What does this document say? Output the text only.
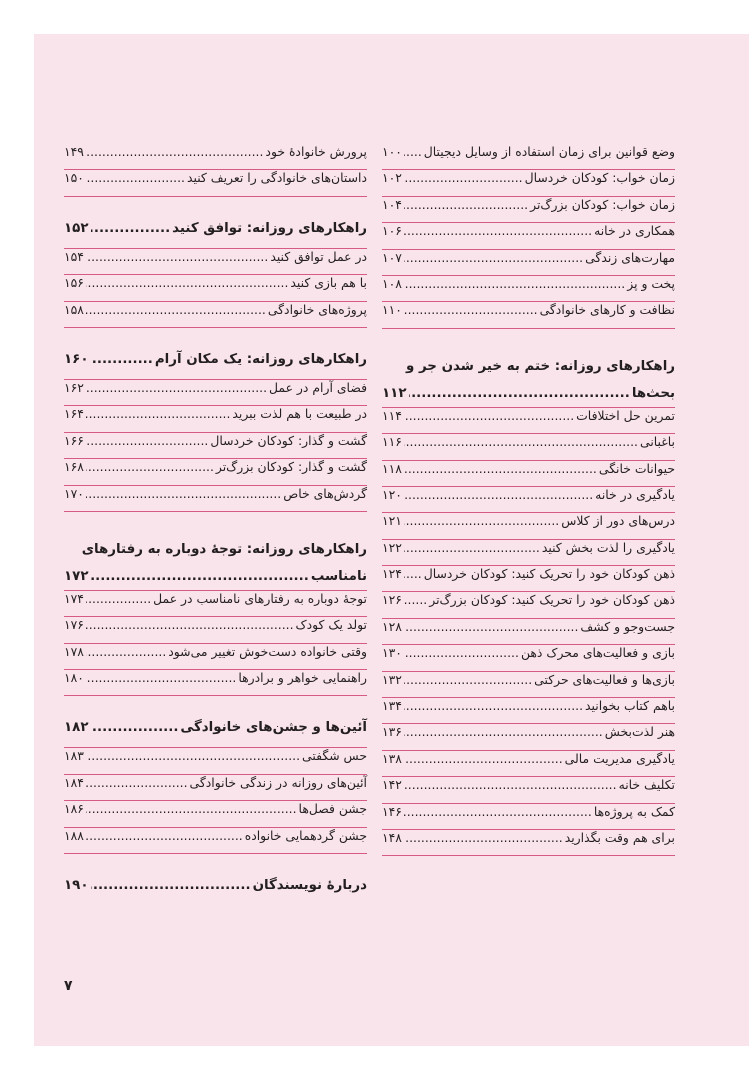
وضع قوانین برای زمان استفاده از وسایل دیجیتال
.....
۱۰۰
زمان خواب: کودکان خردسال
.....
۱۰۲
زمان خواب: کودکان بزرگ‌تر
.....
۱۰۴
همکاری در خانه
.....
۱۰۶
مهارت‌های زندگی
.....
۱۰۷
پخت و پز
.....
۱۰۸
نظافت و کارهای خانوادگی
.....
۱۱۰
راهکارهای روزانه: ختم به خیر شدن جر و
بحث‌ها
.....
۱۱۲
تمرین حل اختلافات
.....
۱۱۴
باغبانی
.....
۱۱۶
حیوانات خانگی
.....
۱۱۸
یادگیری در خانه
.....
۱۲۰
درس‌های دور از کلاس
.....
۱۲۱
یادگیری را لذت بخش کنید
.....
۱۲۲
ذهن کودکان خود را تحریک کنید: کودکان خردسال
.....
۱۲۴
ذهن کودکان خود را تحریک کنید: کودکان بزرگ‌تر
.....
۱۲۶
جست‌وجو و کشف
.....
۱۲۸
بازی و فعالیت‌های محرک ذهن
.....
۱۳۰
بازی‌ها و فعالیت‌های حرکتی
.....
۱۳۲
باهم کتاب بخوانید
.....
۱۳۴
هنر لذت‌بخش
.....
۱۳۶
یادگیری مدیریت مالی
.....
۱۳۸
تکلیف خانه
.....
۱۴۲
کمک به پروژه‌ها
.....
۱۴۶
برای هم وقت بگذارید
.....
۱۴۸
پرورش خانوادهٔ خود
.....
۱۴۹
داستان‌های خانوادگی را تعریف کنید
.....
۱۵۰
راهکارهای روزانه: توافق کنید
.....
۱۵۲
در عمل توافق کنید
.....
۱۵۴
با هم بازی کنید
.....
۱۵۶
پروژه‌های خانوادگی
.....
۱۵۸
راهکارهای روزانه: یک مکان آرام
.....
۱۶۰
فضای آرام در عمل
.....
۱۶۲
در طبیعت با هم لذت ببرید
.....
۱۶۴
گشت و گذار: کودکان خردسال
.....
۱۶۶
گشت و گذار: کودکان بزرگ‌تر
.....
۱۶۸
گردش‌های خاص
.....
۱۷۰
راهکارهای روزانه: توجهٔ دوباره به رفتارهای
نامناسب
.....
۱۷۲
توجهٔ دوباره به رفتارهای نامناسب در عمل
.....
۱۷۴
تولد یک کودک
.....
۱۷۶
وقتی خانواده دست‌خوش تغییر می‌شود
.....
۱۷۸
راهنمایی خواهر و برادرها
.....
۱۸۰
آئین‌ها و جشن‌های خانوادگی
.....
۱۸۲
حس شگفتی
.....
۱۸۳
آئین‌های روزانه در زندگی خانوادگی
.....
۱۸۴
جشن فصل‌ها
.....
۱۸۶
جشن گردهمایی خانواده
.....
۱۸۸
دربارهٔ نویسندگان
.....
۱۹۰
۷
